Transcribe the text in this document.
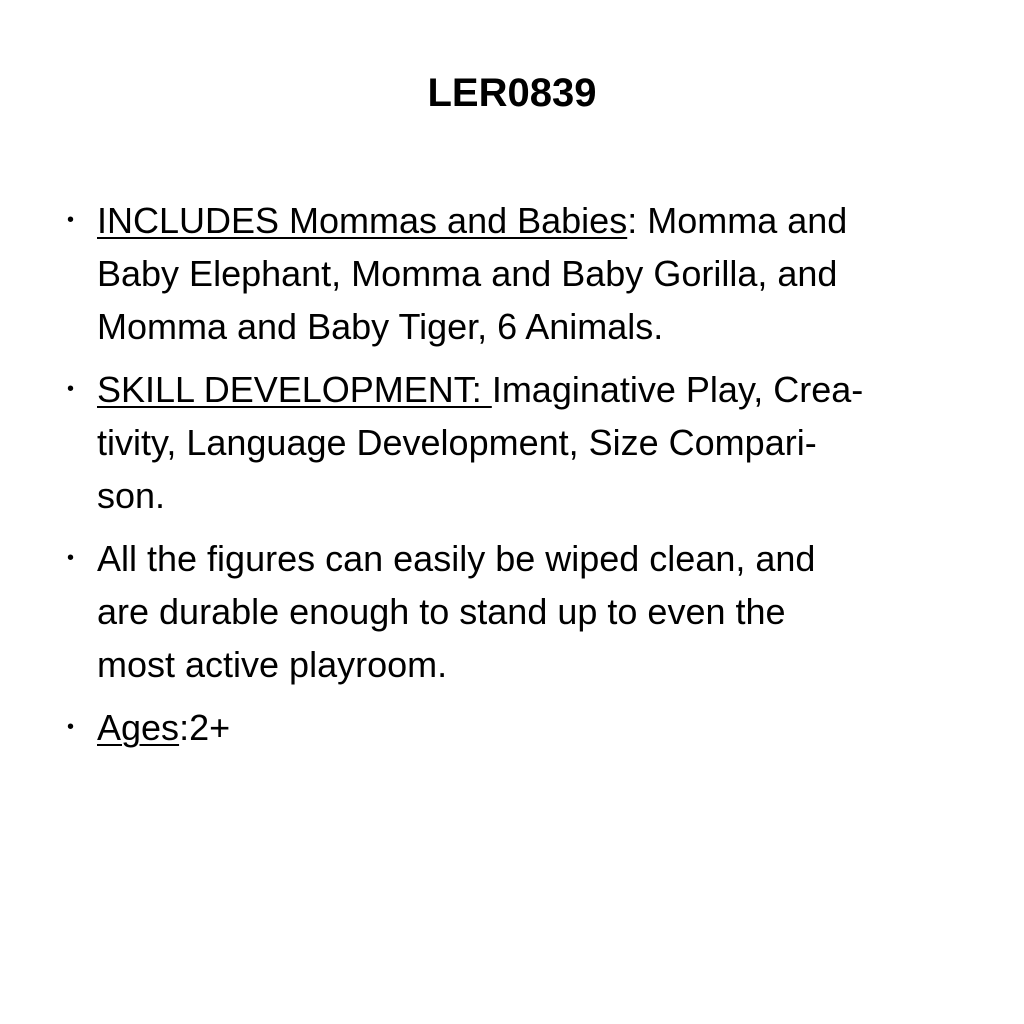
LER0839
• INCLUDES Mommas and Babies: Momma and
Baby Elephant, Momma and Baby Gorilla, and
Momma and Baby Tiger, 6 Animals.
• SKILL DEVELOPMENT: Imaginative Play, Crea-
tivity, Language Development, Size Compari-
son.
• All the figures can easily be wiped clean, and
are durable enough to stand up to even the
most active playroom.
• Ages:2+
